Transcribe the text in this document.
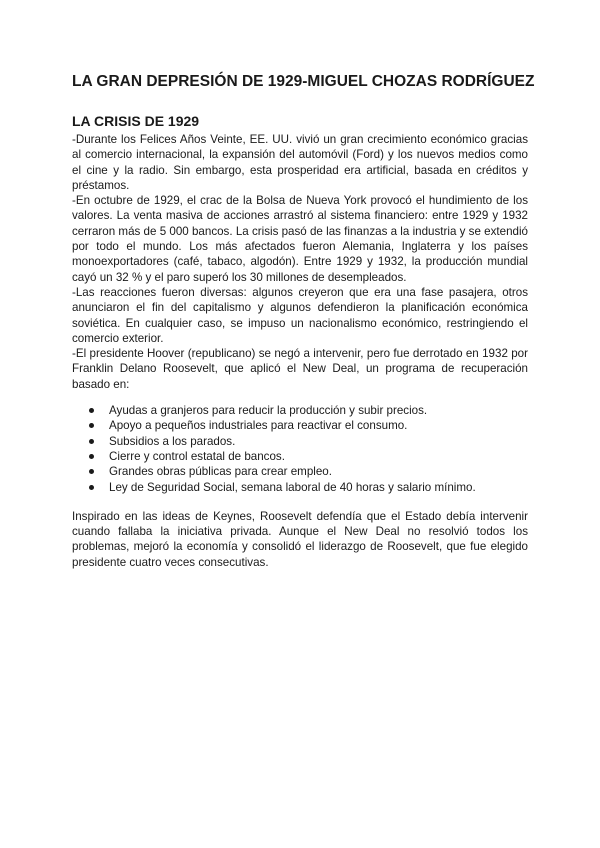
LA GRAN DEPRESIÓN DE 1929-MIGUEL CHOZAS RODRÍGUEZ
LA CRISIS DE 1929

-Durante los Felices Años Veinte, EE. UU. vivió un gran crecimiento económico gracias al comercio internacional, la expansión del automóvil (Ford) y los nuevos medios como el cine y la radio. Sin embargo, esta prosperidad era artificial, basada en créditos y préstamos.

-En octubre de 1929, el crac de la Bolsa de Nueva York provocó el hundimiento de los valores. La venta masiva de acciones arrastró al sistema financiero: entre 1929 y 1932 cerraron más de 5 000 bancos. La crisis pasó de las finanzas a la industria y se extendió por todo el mundo. Los más afectados fueron Alemania, Inglaterra y los países monoexportadores (café, tabaco, algodón). Entre 1929 y 1932, la producción mundial cayó un 32 % y el paro superó los 30 millones de desempleados.

-Las reacciones fueron diversas: algunos creyeron que era una fase pasajera, otros anunciaron el fin del capitalismo y algunos defendieron la planificación económica soviética. En cualquier caso, se impuso un nacionalismo económico, restringiendo el comercio exterior.

-El presidente Hoover (republicano) se negó a intervenir, pero fue derrotado en 1932 por Franklin Delano Roosevelt, que aplicó el New Deal, un programa de recuperación basado en:

Ayudas a granjeros para reducir la producción y subir precios.
Apoyo a pequeños industriales para reactivar el consumo.
Subsidios a los parados.
Cierre y control estatal de bancos.
Grandes obras públicas para crear empleo.
Ley de Seguridad Social, semana laboral de 40 horas y salario mínimo.

Inspirado en las ideas de Keynes, Roosevelt defendía que el Estado debía intervenir cuando fallaba la iniciativa privada. Aunque el New Deal no resolvió todos los problemas, mejoró la economía y consolidó el liderazgo de Roosevelt, que fue elegido presidente cuatro veces consecutivas.
